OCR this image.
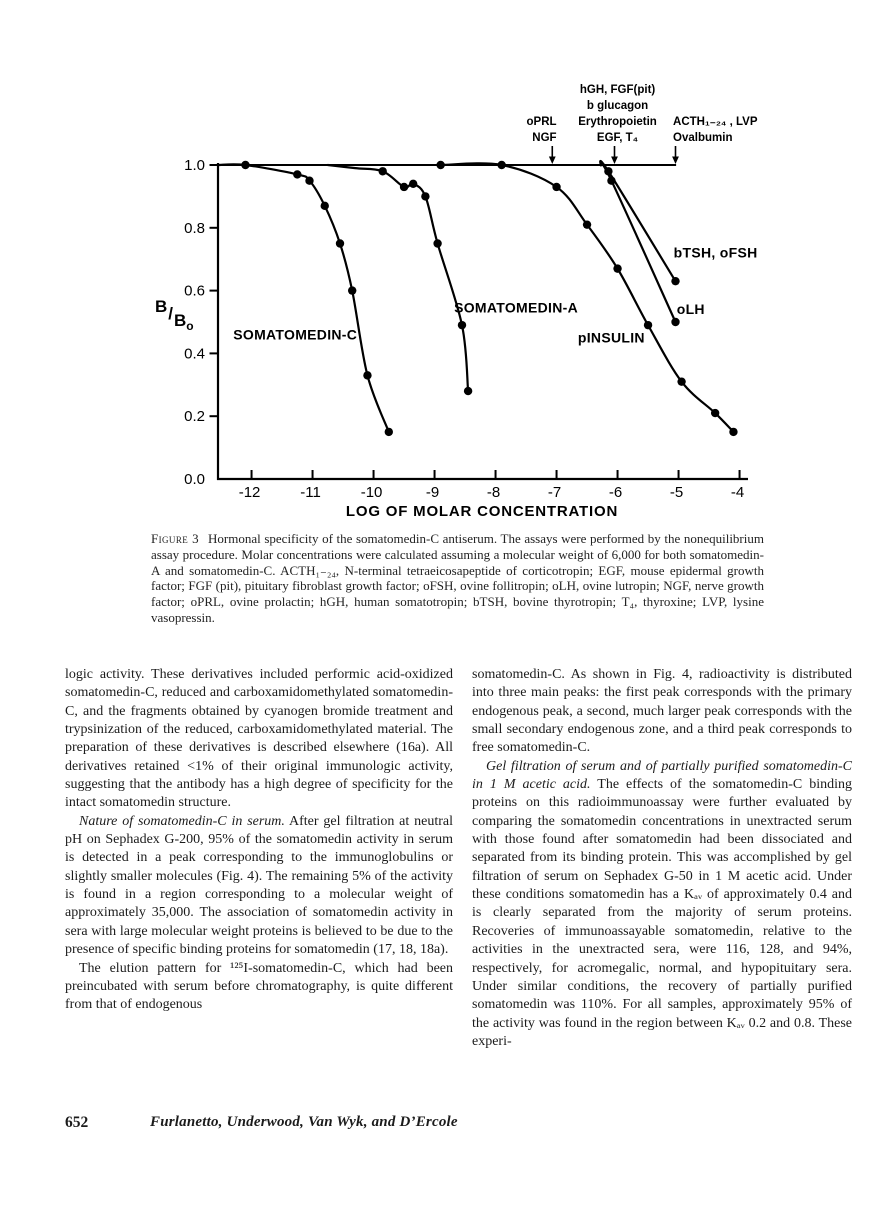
SOMATOMEDIN-C
SOMATOMEDIN-A
pINSULIN
bTSH, oFSH
oLH
0.0
0.2
0.4
0.6
0.8
1.0
-12	-11	-10	-9	-8	-7	-6	-5	-4
LOG OF MOLAR CONCENTRATION
$B/B_o$
oPRL
NGF
hGH, FGF(pit)
b glucagon
Erythropoietin
EGF, T₄
ACTH₁₋₂₄ , LVP
Ovalbumin
Figure 3 Hormonal specificity of the somatomedin-C antiserum. The assays were performed by the nonequilibrium assay procedure. Molar concentrations were calculated assuming a molecular weight of 6,000 for both somatomedin-A and somatomedin-C. ACTH₁₋₂₄, N-terminal tetraeicosapeptide of corticotropin; EGF, mouse epidermal growth factor; FGF (pit), pituitary fibroblast growth factor; oFSH, ovine follitropin; oLH, ovine lutropin; NGF, nerve growth factor; oPRL, ovine prolactin; hGH, human somatotropin; bTSH, bovine thyrotropin; T₄, thyroxine; LVP, lysine vasopressin.

logic activity. These derivatives included performic acid-oxidized somatomedin-C, reduced and carboxamidomethylated somatomedin-C, and the fragments obtained by cyanogen bromide treatment and trypsinization of the reduced, carboxamidomethylated material. The preparation of these derivatives is described elsewhere (16a). All derivatives retained <1% of their original immunologic activity, suggesting that the antibody has a high degree of specificity for the intact somatomedin structure.

Nature of somatomedin-C in serum. After gel filtration at neutral pH on Sephadex G-200, 95% of the somatomedin activity in serum is detected in a peak corresponding to the immunoglobulins or slightly smaller molecules (Fig. 4). The remaining 5% of the activity is found in a region corresponding to a molecular weight of approximately 35,000. The association of somatomedin activity in sera with large molecular weight proteins is believed to be due to the presence of specific binding proteins for somatomedin (17, 18, 18a).

The elution pattern for ¹²⁵I-somatomedin-C, which had been preincubated with serum before chromatography, is quite different from that of endogenous

somatomedin-C. As shown in Fig. 4, radioactivity is distributed into three main peaks: the first peak corresponds with the primary endogenous peak, a second, much larger peak corresponds with the small secondary endogenous zone, and a third peak corresponds to free somatomedin-C.

Gel filtration of serum and of partially purified somatomedin-C in 1 M acetic acid. The effects of the somatomedin-C binding proteins on this radioimmunoassay were further evaluated by comparing the somatomedin concentrations in unextracted serum with those found after somatomedin had been dissociated and separated from its binding protein. This was accomplished by gel filtration of serum on Sephadex G-50 in 1 M acetic acid. Under these conditions somatomedin has a Kₐᵥ of approximately 0.4 and is clearly separated from the majority of serum proteins. Recoveries of immunoassayable somatomedin, relative to the activities in the unextracted sera, were 116, 128, and 94%, respectively, for acromegalic, normal, and hypopituitary sera. Under similar conditions, the recovery of partially purified somatomedin was 110%. For all samples, approximately 95% of the activity was found in the region between Kₐᵥ 0.2 and 0.8. These experi-

652	Furlanetto, Underwood, Van Wyk, and D’Ercole
